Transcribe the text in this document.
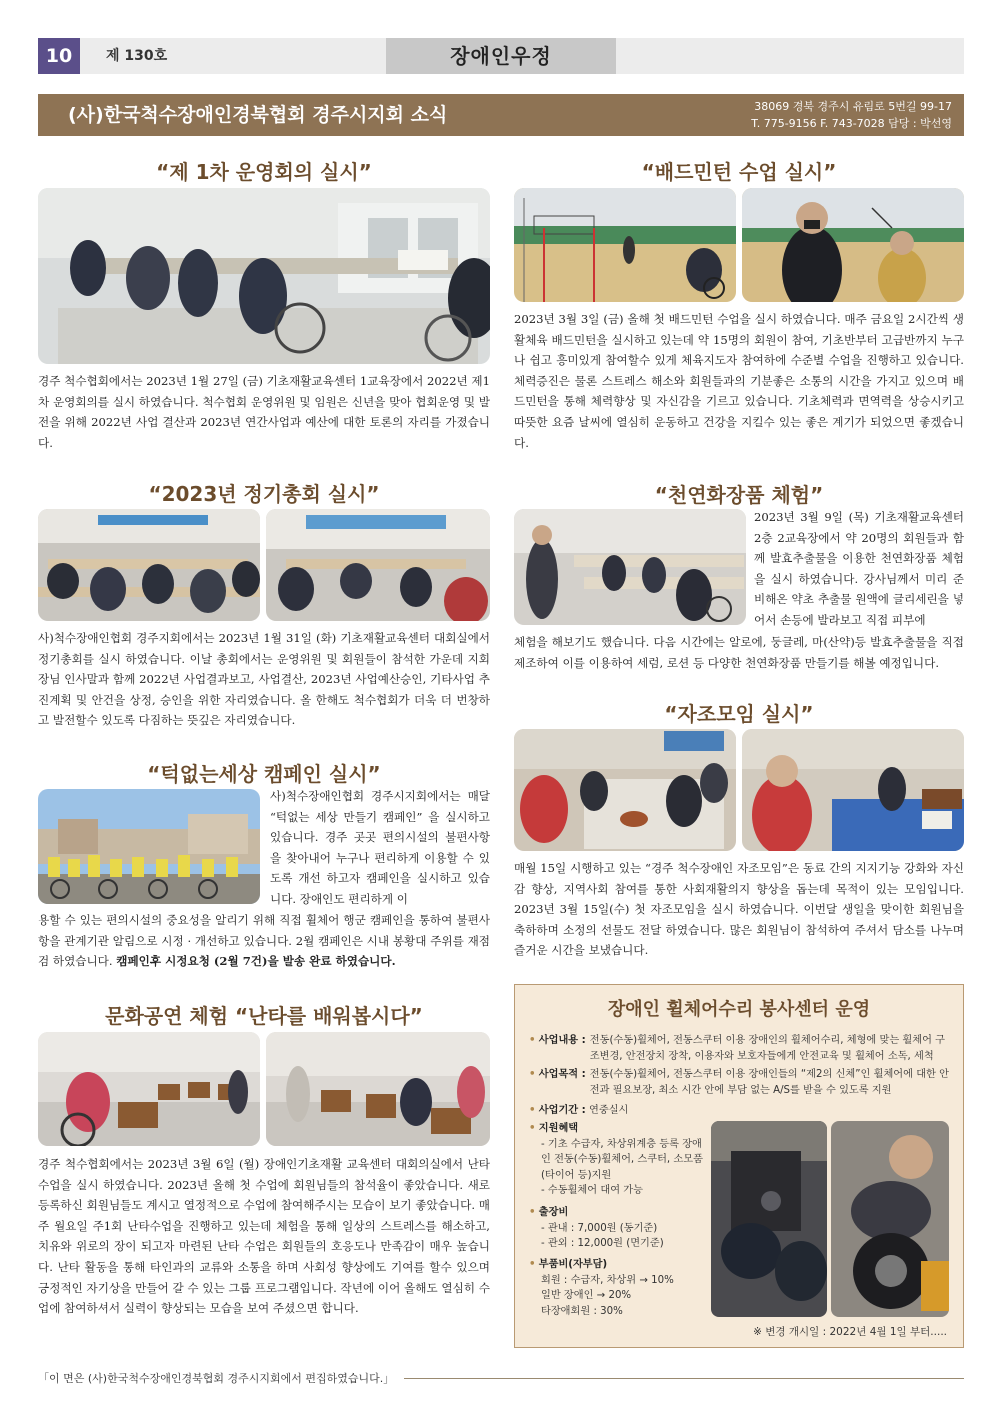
10	제 130호	장애인우정
(사)한국척수장애인경북협회 경주시지회 소식	38069 경북 경주시 유림로 5번길 99-17
T. 775-9156 F. 743-7028 담당 : 박선영
“제 1차 운영회의 실시”
경주 척수협회에서는 2023년 1월 27일 (금) 기초재활교육센터 1교육장에서 2022년 제1차 운영회의를 실시 하였습니다. 척수협회 운영위원 및 임원은 신년을 맞아 협회운영 및 발전을 위해 2022년 사업 결산과 2023년 연간사업과 예산에 대한 토론의 자리를 가졌습니다.
“2023년 정기총회 실시”
사)척수장애인협회 경주지회에서는 2023년 1월 31일 (화) 기초재활교육센터 대회실에서 정기총회를 실시 하였습니다. 이날 총회에서는 운영위원 및 회원들이 참석한 가운데 지회장님 인사말과 함께 2022년 사업결과보고, 사업결산, 2023년 사업예산승인, 기타사업 추진계획 및 안건을 상정, 승인을 위한 자리였습니다. 올 한해도 척수협회가 더욱 더 번창하고 발전할수 있도록 다짐하는 뜻깊은 자리였습니다.
“턱없는세상 캠페인 실시”
사)척수장애인협회 경주시지회에서는 매달 “턱없는 세상 만들기 캠페인” 을 실시하고 있습니다. 경주 곳곳 편의시설의 불편사항을 찾아내어 누구나 편리하게 이용할 수 있도록 개선 하고자 캠페인을 실시하고 있습니다. 장애인도 편리하게 이
용할 수 있는 편의시설의 중요성을 알리기 위해 직접 휠체어 행군 캠페인을 통하여 불편사항을 관계기관 알림으로 시정 · 개선하고 있습니다. 2월 캠페인은 시내 봉황대 주위를 재점검 하였습니다. 캠페인후 시정요청 (2월 7건)을 발송 완료 하였습니다.
문화공연 체험 “난타를 배워봅시다”
경주 척수협회에서는 2023년 3월 6일 (월) 장애인기초재활 교육센터 대회의실에서 난타수업을 실시 하였습니다. 2023년 올해 첫 수업에 회원님들의 참석율이 좋았습니다. 새로 등록하신 회원님들도 계시고 열정적으로 수업에 참여해주시는 모습이 보기 좋았습니다. 매주 월요일 주1회 난타수업을 진행하고 있는데 체험을 통해 일상의 스트레스를 해소하고, 치유와 위로의 장이 되고자 마련된 난타 수업은 회원들의 호응도나 만족감이 매우 높습니다. 난타 활동을 통해 타인과의 교류와 소통을 하며 사회성 향상에도 기여를 할수 있으며 긍정적인 자기상을 만들어 갈 수 있는 그룹 프로그램입니다. 작년에 이어 올해도 열심히 수업에 참여하셔서 실력이 향상되는 모습을 보여 주셨으면 합니다.
“배드민턴 수업 실시”
2023년 3월 3일 (금) 올해 첫 배드민턴 수업을 실시 하였습니다. 매주 금요일 2시간씩 생활체육 배드민턴을 실시하고 있는데 약 15명의 회원이 참여, 기초반부터 고급반까지 누구나 쉽고 흥미있게 참여할수 있게 체육지도자 참여하에 수준별 수업을 진행하고 있습니다. 체력증진은 물론 스트레스 해소와 회원들과의 기분좋은 소통의 시간을 가지고 있으며 배드민턴을 통해 체력향상 및 자신감을 기르고 있습니다. 기초체력과 면역력을 상승시키고 따뜻한 요즘 날씨에 열심히 운동하고 건강을 지킬수 있는 좋은 계기가 되었으면 좋겠습니다.
“천연화장품 체험”
2023년 3월 9일 (목) 기초재활교육센터 2층 2교육장에서 약 20명의 회원들과 함께 발효추출물을 이용한 천연화장품 체험을 실시 하였습니다. 강사님께서 미리 준비해온 약초 추출물 원액에 글리세린을 넣어서 손등에 발라보고 직접 피부에
체험을 해보기도 했습니다. 다음 시간에는 알로에, 둥글레, 마(산약)등 발효추출물을 직접 제조하여 이를 이용하여 세럼, 로션 등 다양한 천연화장품 만들기를 해볼 예정입니다.
“자조모임 실시”
매월 15일 시행하고 있는 “경주 척수장애인 자조모임”은 동료 간의 지지기능 강화와 자신감 향상, 지역사회 참여를 통한 사회재활의지 향상을 돕는데 목적이 있는 모임입니다. 2023년 3월 15일(수) 첫 자조모임을 실시 하였습니다. 이번달 생일을 맞이한 회원님을 축하하며 소정의 선물도 전달 하였습니다. 많은 회원님이 참석하여 주셔서 담소를 나누며 즐거운 시간을 보냈습니다.
장애인 휠체어수리 봉사센터 운영
• 사업내용 : 전동(수동)휠체어, 전동스쿠터 이용 장애인의 휠체어수리, 체형에 맞는 휠체어 구조변경, 안전장치 장착, 이용자와 보호자들에게 안전교육 및 휠체어 소독, 세척
• 사업목적 : 전동(수동)휠체어, 전동스쿠터 이용 장애인들의 “제2의 신체”인 휠체어에 대한 안전과 필요보장, 최소 시간 안에 부담 없는 A/S를 받을 수 있도록 지원
• 사업기간 : 연중실시
• 지원혜택
- 기초 수급자, 차상위계층 등록 장애인 전동(수동)휠체어, 스쿠터, 소모품(타이어 등)지원
- 수동휠체어 대여 가능
• 출장비
- 관내 : 7,000원 (동기준)
- 관외 : 12,000원 (면기준)
• 부품비(자부담)
회원 : 수급자, 차상위 → 10%
일반 장애인 → 20%
타장애회원 : 30%
※ 변경 개시일 : 2022년 4월 1일 부터.....
「이 면은 (사)한국척수장애인경북협회 경주시지회에서 편집하였습니다.」
